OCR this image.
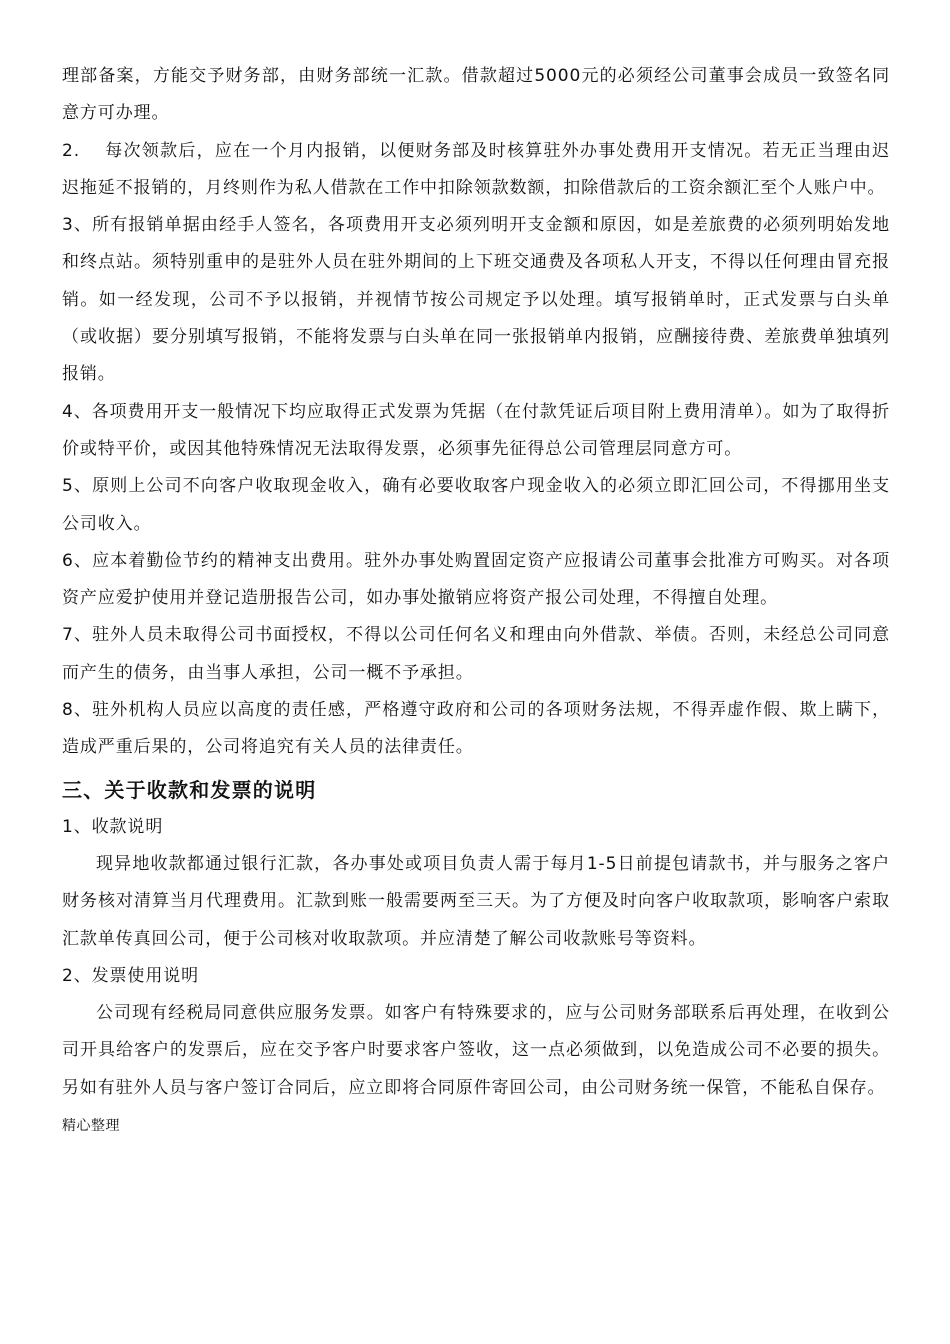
理部备案，方能交予财务部，由财务部统一汇款。借款超过5000元的必须经公司董事会成员一致签名同意方可办理。

2.　 每次领款后，应在一个月内报销，以便财务部及时核算驻外办事处费用开支情况。若无正当理由迟迟拖延不报销的，月终则作为私人借款在工作中扣除领款数额，扣除借款后的工资余额汇至个人账户中。

3、所有报销单据由经手人签名，各项费用开支必须列明开支金额和原因，如是差旅费的必须列明始发地和终点站。须特别重申的是驻外人员在驻外期间的上下班交通费及各项私人开支，不得以任何理由冒充报销。如一经发现，公司不予以报销，并视情节按公司规定予以处理。填写报销单时，正式发票与白头单（或收据）要分别填写报销，不能将发票与白头单在同一张报销单内报销，应酬接待费、差旅费单独填列报销。

4、各项费用开支一般情况下均应取得正式发票为凭据（在付款凭证后项目附上费用清单）。如为了取得折价或特平价，或因其他特殊情况无法取得发票，必须事先征得总公司管理层同意方可。

5、原则上公司不向客户收取现金收入，确有必要收取客户现金收入的必须立即汇回公司，不得挪用坐支公司收入。

6、应本着勤俭节约的精神支出费用。驻外办事处购置固定资产应报请公司董事会批准方可购买。对各项资产应爱护使用并登记造册报告公司，如办事处撤销应将资产报公司处理，不得擅自处理。

7、驻外人员未取得公司书面授权，不得以公司任何名义和理由向外借款、举债。否则，未经总公司同意而产生的债务，由当事人承担，公司一概不予承担。

8、驻外机构人员应以高度的责任感，严格遵守政府和公司的各项财务法规，不得弄虚作假、欺上瞒下，造成严重后果的，公司将追究有关人员的法律责任。

三、关于收款和发票的说明

1、收款说明

现异地收款都通过银行汇款，各办事处或项目负责人需于每月1-5日前提包请款书，并与服务之客户财务核对清算当月代理费用。汇款到账一般需要两至三天。为了方便及时向客户收取款项，影响客户索取汇款单传真回公司，便于公司核对收取款项。并应清楚了解公司收款账号等资料。

2、发票使用说明

公司现有经税局同意供应服务发票。如客户有特殊要求的，应与公司财务部联系后再处理，在收到公司开具给客户的发票后，应在交予客户时要求客户签收，这一点必须做到，以免造成公司不必要的损失。另如有驻外人员与客户签订合同后，应立即将合同原件寄回公司，由公司财务统一保管，不能私自保存。

精心整理
